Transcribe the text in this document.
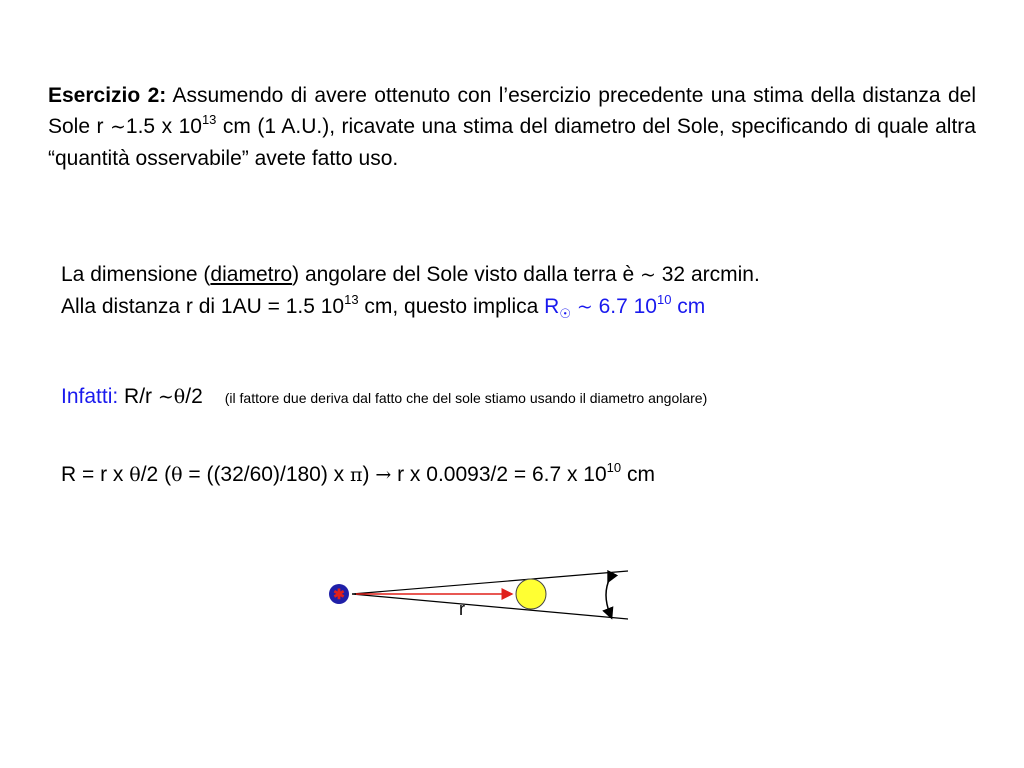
Esercizio 2: Assumendo di avere ottenuto con l’esercizio precedente una stima della distanza del Sole r ∼1.5 x $10^{13}$ cm (1 A.U.), ricavate una stima del diametro del Sole, specificando di quale altra “quantità osservabile” avete fatto uso.

La dimensione (diametro) angolare del Sole visto dalla terra è ~ 32 arcmin.
Alla distanza r di 1AU = 1.5 $10^{13}$ cm, questo implica $R_☉$ ~ 6.7 $10^{10}$ cm

Infatti: R/r ∼θ/2 (il fattore due deriva dal fatto che del sole stiamo usando il diametro angolare)

R = r x θ/2 (θ = ((32/60)/180) x π) → r x 0.0093/2 = 6.7 x $10^{10}$ cm

✱
r
